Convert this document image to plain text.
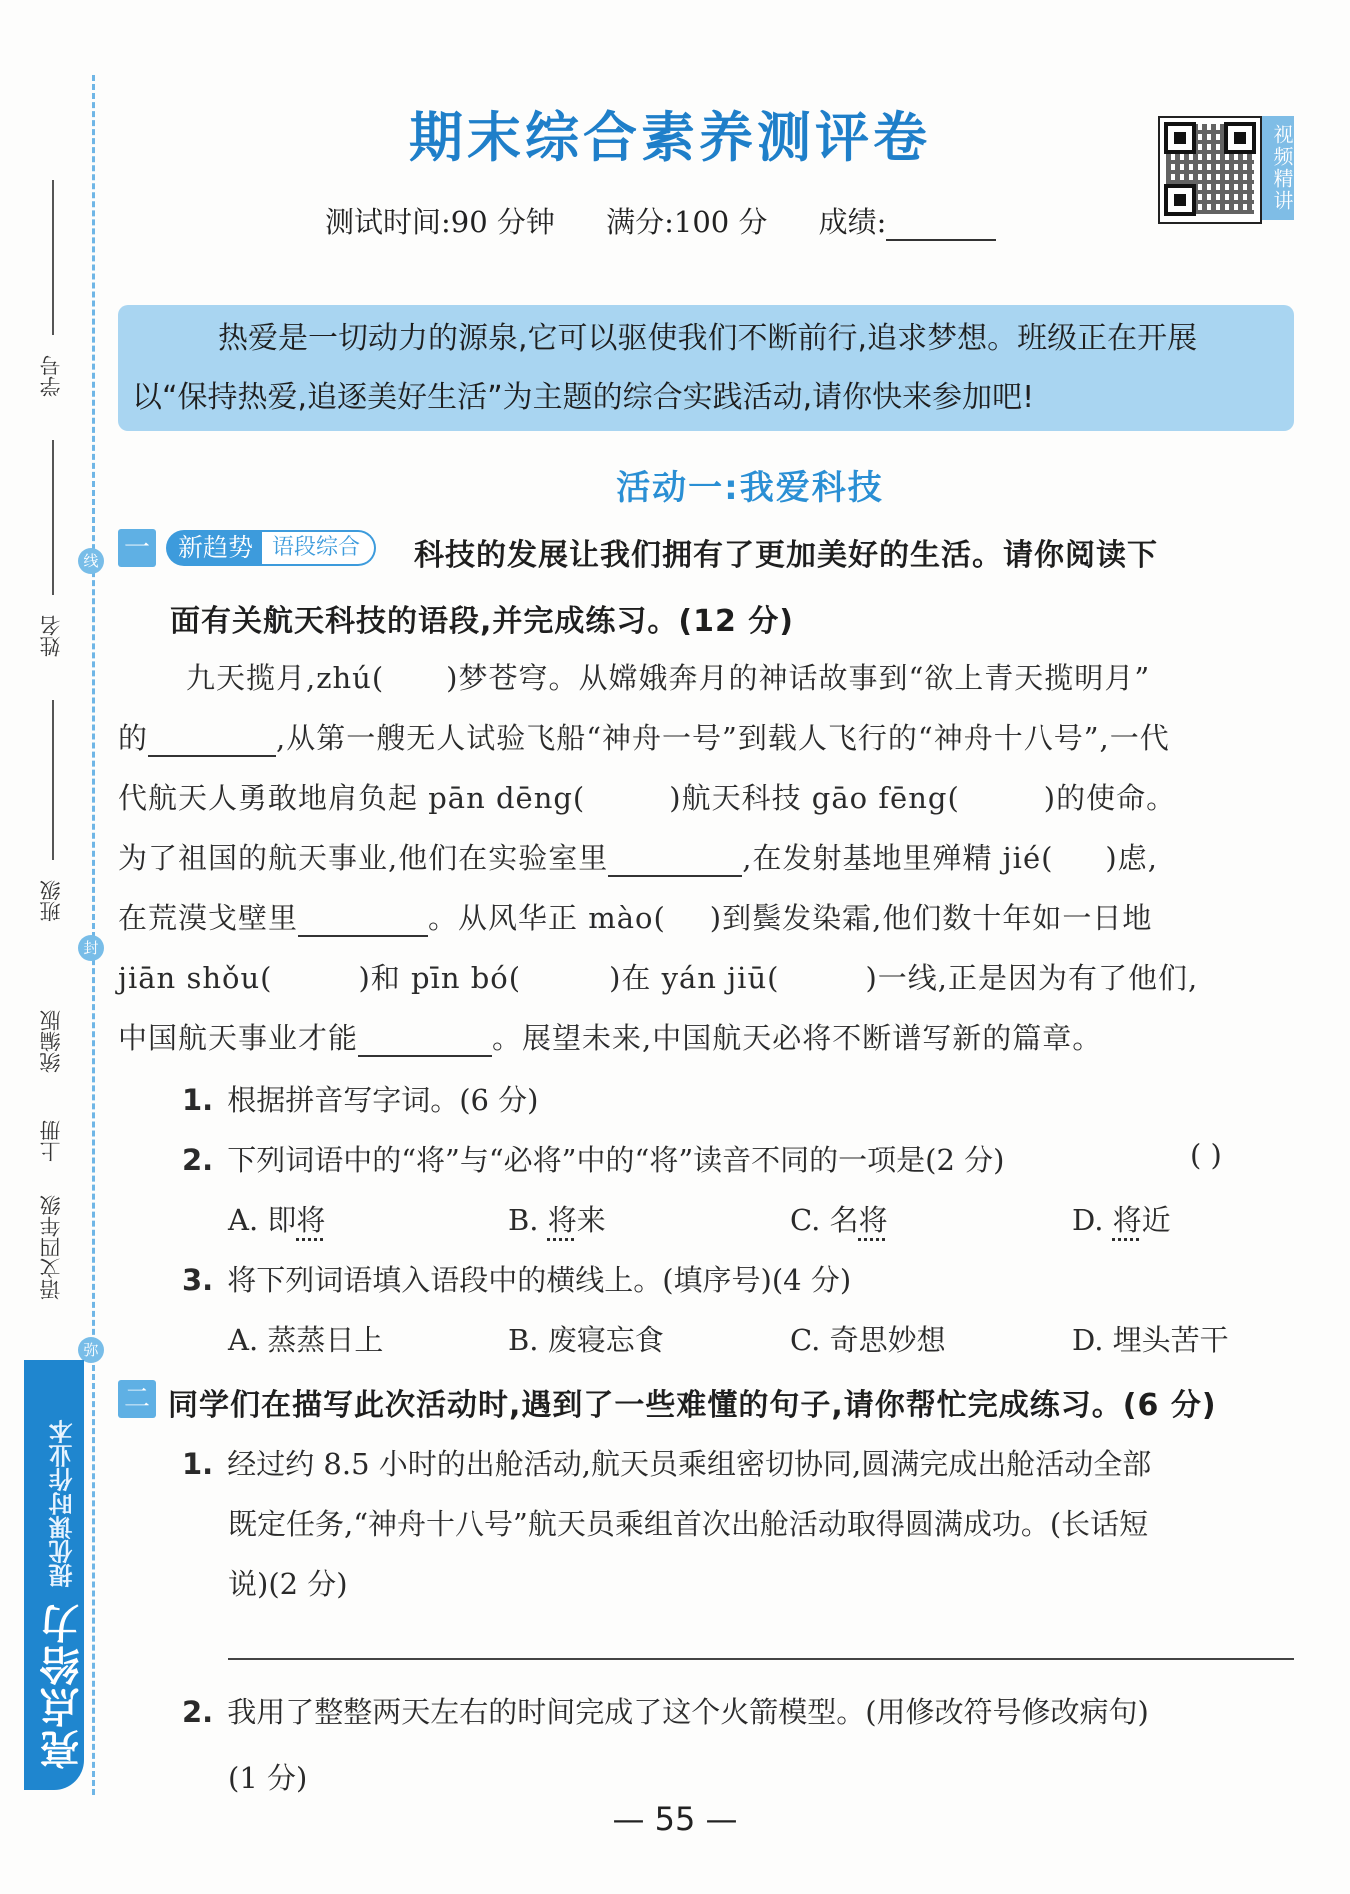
线
封
弥
学号
姓名
班级
统编版
上册
语文四年级
亮点给力 提优课时作业本
期末综合素养测评卷	视频精讲
测试时间:90 分钟 满分:100 分 成绩:
热爱是一切动力的源泉,它可以驱使我们不断前行,追求梦想。班级正在开展
以“保持热爱,追逐美好生活”为主题的综合实践活动,请你快来参加吧!
活动一:我爱科技
一	新趋势 语段综合	科技的发展让我们拥有了更加美好的生活。请你阅读下
面有关航天科技的语段,并完成练习。(12 分)
九天揽月,zhú( )梦苍穹。从嫦娥奔月的神话故事到“欲上青天揽明月”
的	,从第一艘无人试验飞船“神舟一号”到载人飞行的“神舟十八号”,一代
代航天人勇敢地肩负起 pān dēng(	)航天科技 gāo fēng(	)的使命。
为了祖国的航天事业,他们在实验室里	,在发射基地里殚精 jié( )虑,
在荒漠戈壁里	。从风华正 mào( )到鬓发染霜,他们数十年如一日地
jiān shǒu(	)和 pīn bó(	)在 yán jiū(	)一线,正是因为有了他们,
中国航天事业才能	。展望未来,中国航天必将不断谱写新的篇章。
1. 根据拼音写字词。(6 分)
2. 下列词语中的“将”与“必将”中的“将”读音不同的一项是(2 分)	( )
A. 即将	B. 将来	C. 名将	D. 将近
3. 将下列词语填入语段中的横线上。(填序号)(4 分)
A. 蒸蒸日上	B. 废寝忘食	C. 奇思妙想	D. 埋头苦干
二 同学们在描写此次活动时,遇到了一些难懂的句子,请你帮忙完成练习。(6 分)
1. 经过约 8.5 小时的出舱活动,航天员乘组密切协同,圆满完成出舱活动全部
既定任务,“神舟十八号”航天员乘组首次出舱活动取得圆满成功。(长话短
说)(2 分)
2. 我用了整整两天左右的时间完成了这个火箭模型。(用修改符号修改病句)
(1 分)
— 55 —
